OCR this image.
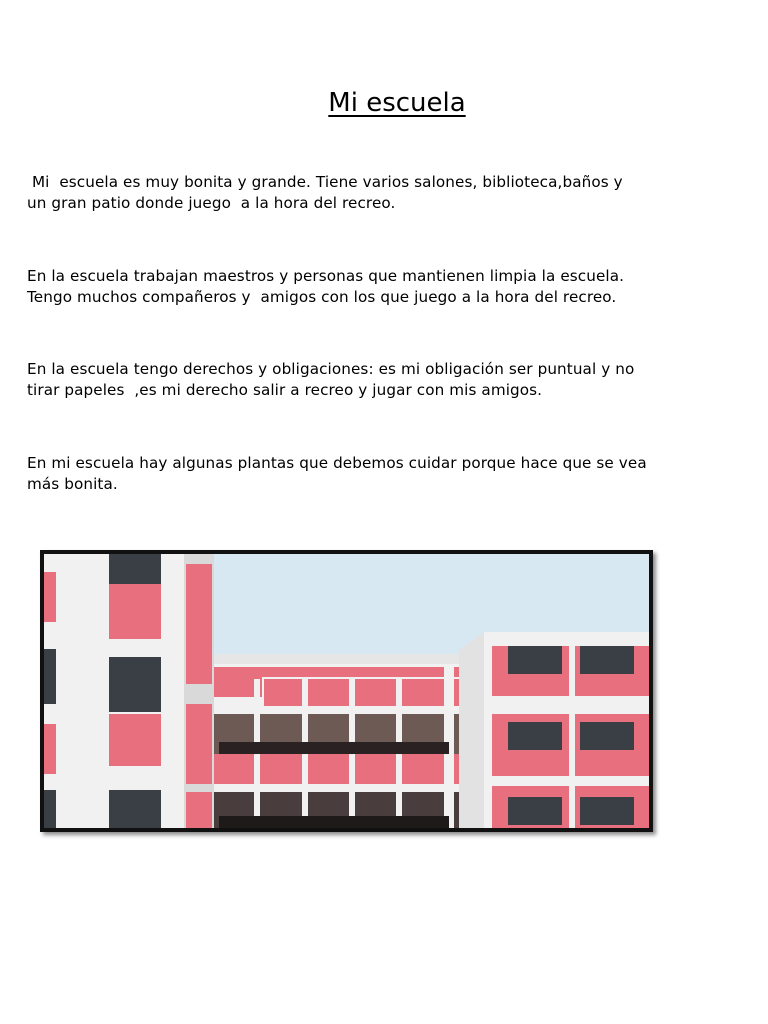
Mi escuela

Mi  escuela es muy bonita y grande. Tiene varios salones, biblioteca,baños y
un gran patio donde juego  a la hora del recreo.

En la escuela trabajan maestros y personas que mantienen limpia la escuela.
Tengo muchos compañeros y  amigos con los que juego a la hora del recreo.

En la escuela tengo derechos y obligaciones: es mi obligación ser puntual y no
tirar papeles  ,es mi derecho salir a recreo y jugar con mis amigos.

En mi escuela hay algunas plantas que debemos cuidar porque hace que se vea
más bonita.
